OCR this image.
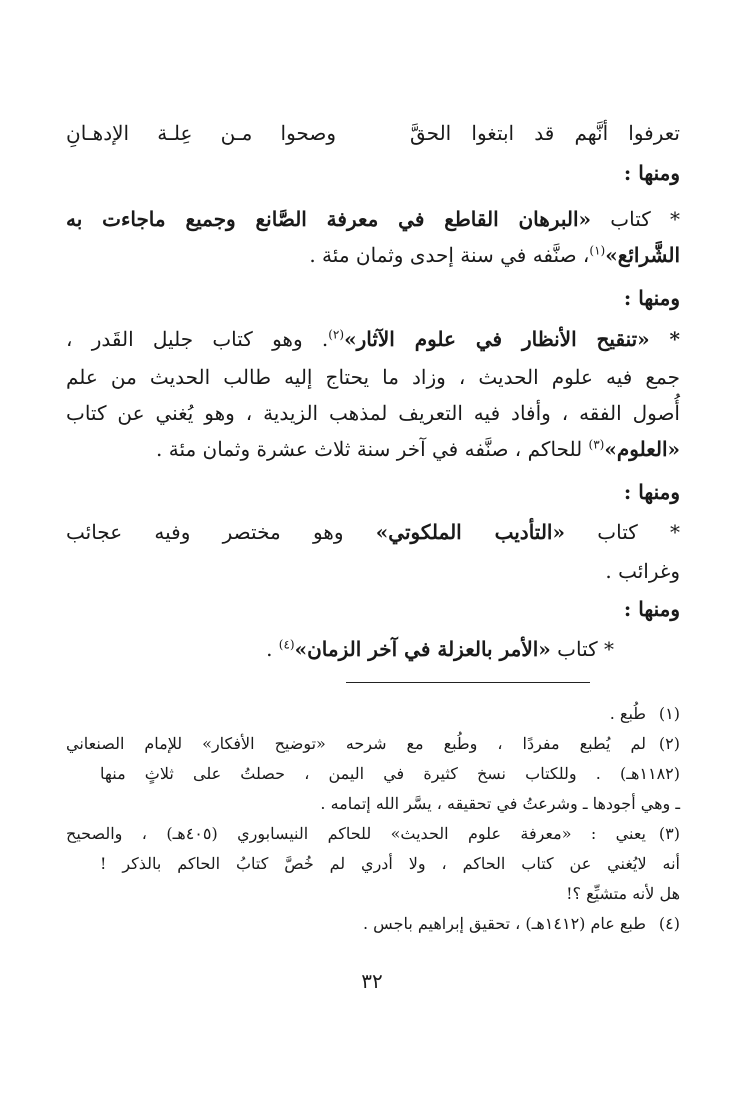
تعرفوا أنَّهم قد ابتغوا الحقَّ
وصحوا مـن عِلـة الإدهـانِ
ومنها :
* كتاب «البرهان القاطع في معرفة الصَّانع وجميع ماجاءت به
الشَّرائع»$^{(١)}$، صنَّفه في سنة إحدى وثمان مئة .
ومنها :
* «تنقيح الأنظار في علوم الآثار»$^{(٢)}$. وهو كتاب جليل القَدر ،
جمع فيه علوم الحديث ، وزاد ما يحتاج إليه طالب الحديث من علم
أُصول الفقه ، وأفاد فيه التعريف لمذهب الزيدية ، وهو يُغني عن كتاب
«العلوم»$^{(٣)}$ للحاكم ، صنَّفه في آخر سنة ثلاث عشرة وثمان مئة .
ومنها :
* كتاب «التأديب الملكوتي» وهو مختصر وفيه عجائب
وغرائب .
ومنها :
* كتاب «الأمر بالعزلة في آخر الزمان»$^{(٤)}$ .
(١)
طُبع .
(٢)
لم يُطبع مفردًا ، وطُبع مع شرحه «توضيح الأفكار» للإمام الصنعاني
(١١٨٢هـ) . وللكتاب نسخ كثيرة في اليمن ، حصلتُ على ثلاثٍ منها
ـ وهي أجودها ـ وشرعتُ في تحقيقه ، يسَّر الله إتمامه .
(٣)
يعني : «معرفة علوم الحديث» للحاكم النيسابوري (٤٠٥هـ) ، والصحيح
أنه لايُغني عن كتاب الحاكم ، ولا أدري لم خُصَّ كتابُ الحاكم بالذكر !
هل لأنه متشيِّع ؟!
(٤)
طبع عام (١٤١٢هـ) ، تحقيق إبراهيم باجس .
٣٢
